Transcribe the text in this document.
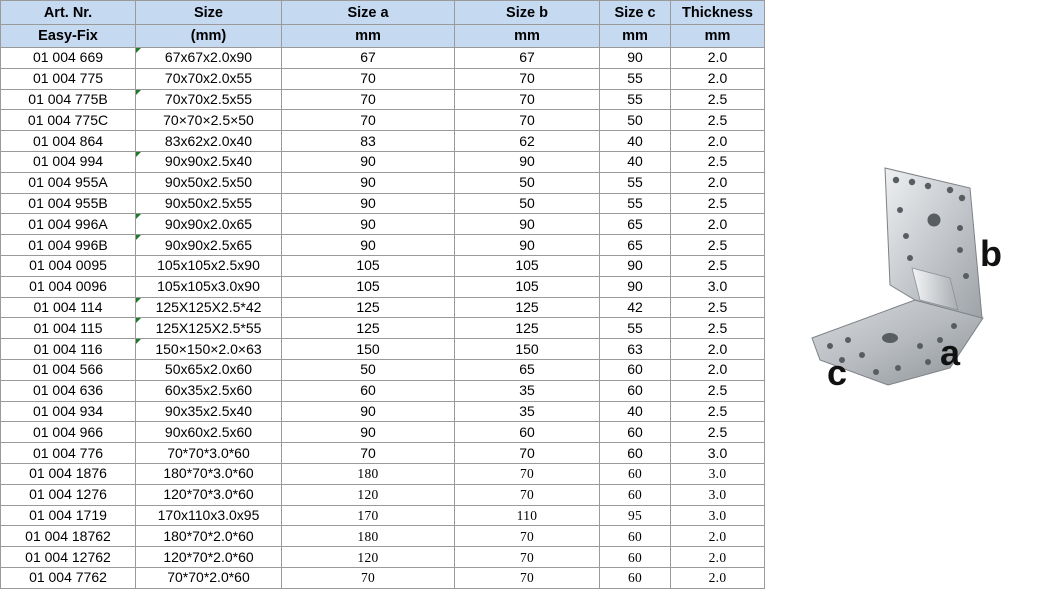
Art. Nr.	Size	Size a	Size b	Size c	Thickness
Easy-Fix	(mm)	mm	mm	mm	mm
01 004 669	67x67x2.0x90	67	67	90	2.0
01 004 775	70x70x2.0x55	70	70	55	2.0
01 004 775B	70x70x2.5x55	70	70	55	2.5
01 004 775C	70×70×2.5×50	70	70	50	2.5
01 004 864	83x62x2.0x40	83	62	40	2.0
01 004 994	90x90x2.5x40	90	90	40	2.5
01 004 955A	90x50x2.5x50	90	50	55	2.0
01 004 955B	90x50x2.5x55	90	50	55	2.5
01 004 996A	90x90x2.0x65	90	90	65	2.0
01 004 996B	90x90x2.5x65	90	90	65	2.5
01 004 0095	105x105x2.5x90	105	105	90	2.5
01 004 0096	105x105x3.0x90	105	105	90	3.0
01 004 114	125X125X2.5*42	125	125	42	2.5
01 004 115	125X125X2.5*55	125	125	55	2.5
01 004 116	150×150×2.0×63	150	150	63	2.0
01 004 566	50x65x2.0x60	50	65	60	2.0
01 004 636	60x35x2.5x60	60	35	60	2.5
01 004 934	90x35x2.5x40	90	35	40	2.5
01 004 966	90x60x2.5x60	90	60	60	2.5
01 004 776	70*70*3.0*60	70	70	60	3.0
01 004 1876	180*70*3.0*60	180	70	60	3.0
01 004 1276	120*70*3.0*60	120	70	60	3.0
01 004 1719	170x110x3.0x95	170	110	95	3.0
01 004 18762	180*70*2.0*60	180	70	60	2.0
01 004 12762	120*70*2.0*60	120	70	60	2.0
01 004 7762	70*70*2.0*60	70	70	60	2.0
b
a
c
